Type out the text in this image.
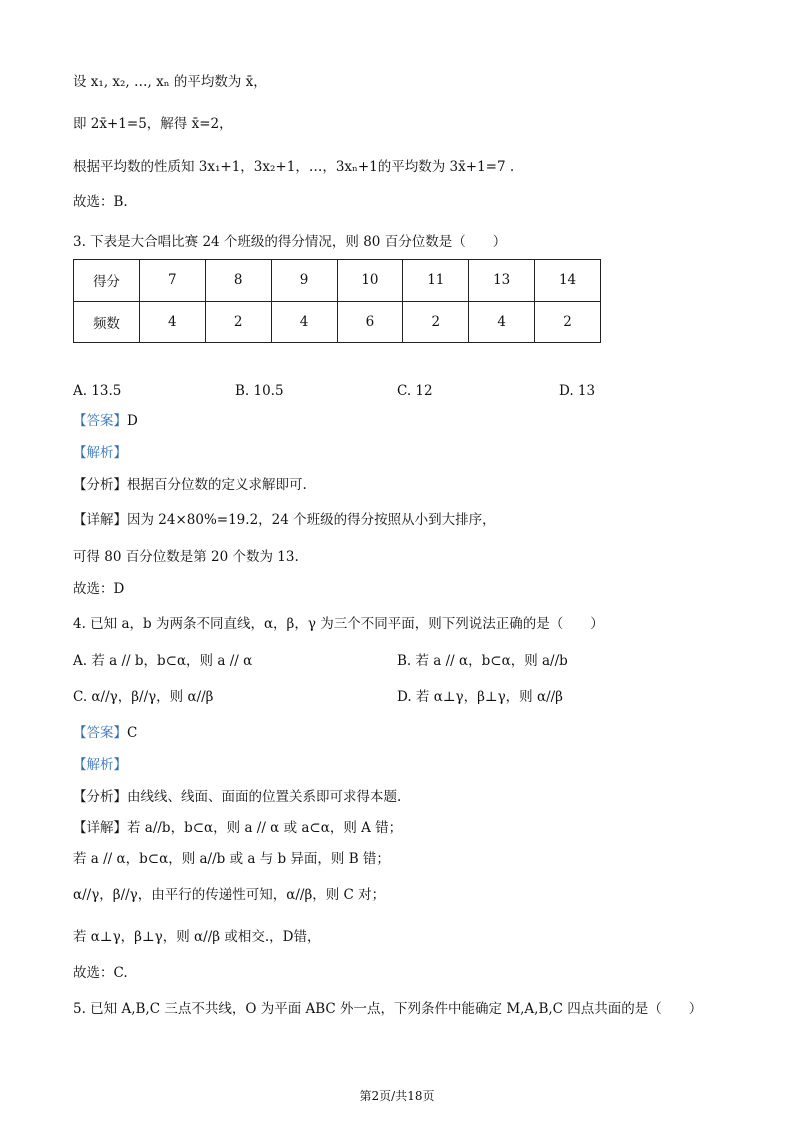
设 x₁, x₂, …, xₙ 的平均数为 x̄，
即 2x̄+1=5，解得 x̄=2，
根据平均数的性质知 3x₁+1，3x₂+1，…，3xₙ+1的平均数为 3x̄+1=7 .
故选：B.
3. 下表是大合唱比赛 24 个班级的得分情况，则 80 百分位数是（　　）
得分	7	8	9	10	11	13	14
频数	4	2	4	6	2	4	2
A. 13.5	B. 10.5	C. 12	D. 13
【答案】D
【解析】
【分析】根据百分位数的定义求解即可.
【详解】因为 24×80%=19.2，24 个班级的得分按照从小到大排序，
可得 80 百分位数是第 20 个数为 13.
故选：D
4. 已知 a，b 为两条不同直线，α，β，γ 为三个不同平面，则下列说法正确的是（　　）
A. 若 a // b，b⊂α，则 a // α	B. 若 a // α，b⊂α，则 a//b
C. α//γ，β//γ，则 α//β	D. 若 α⊥γ，β⊥γ，则 α//β
【答案】C
【解析】
【分析】由线线、线面、面面的位置关系即可求得本题.
【详解】若 a//b，b⊂α，则 a // α 或 a⊂α，则 A 错；
若 a // α，b⊂α，则 a//b 或 a 与 b 异面，则 B 错；
α//γ，β//γ，由平行的传递性可知，α//β，则 C 对；
若 α⊥γ，β⊥γ，则 α//β 或相交.，D错，
故选：C.
5. 已知 A,B,C 三点不共线，O 为平面 ABC 外一点，下列条件中能确定 M,A,B,C 四点共面的是（　　）
第2页/共18页
